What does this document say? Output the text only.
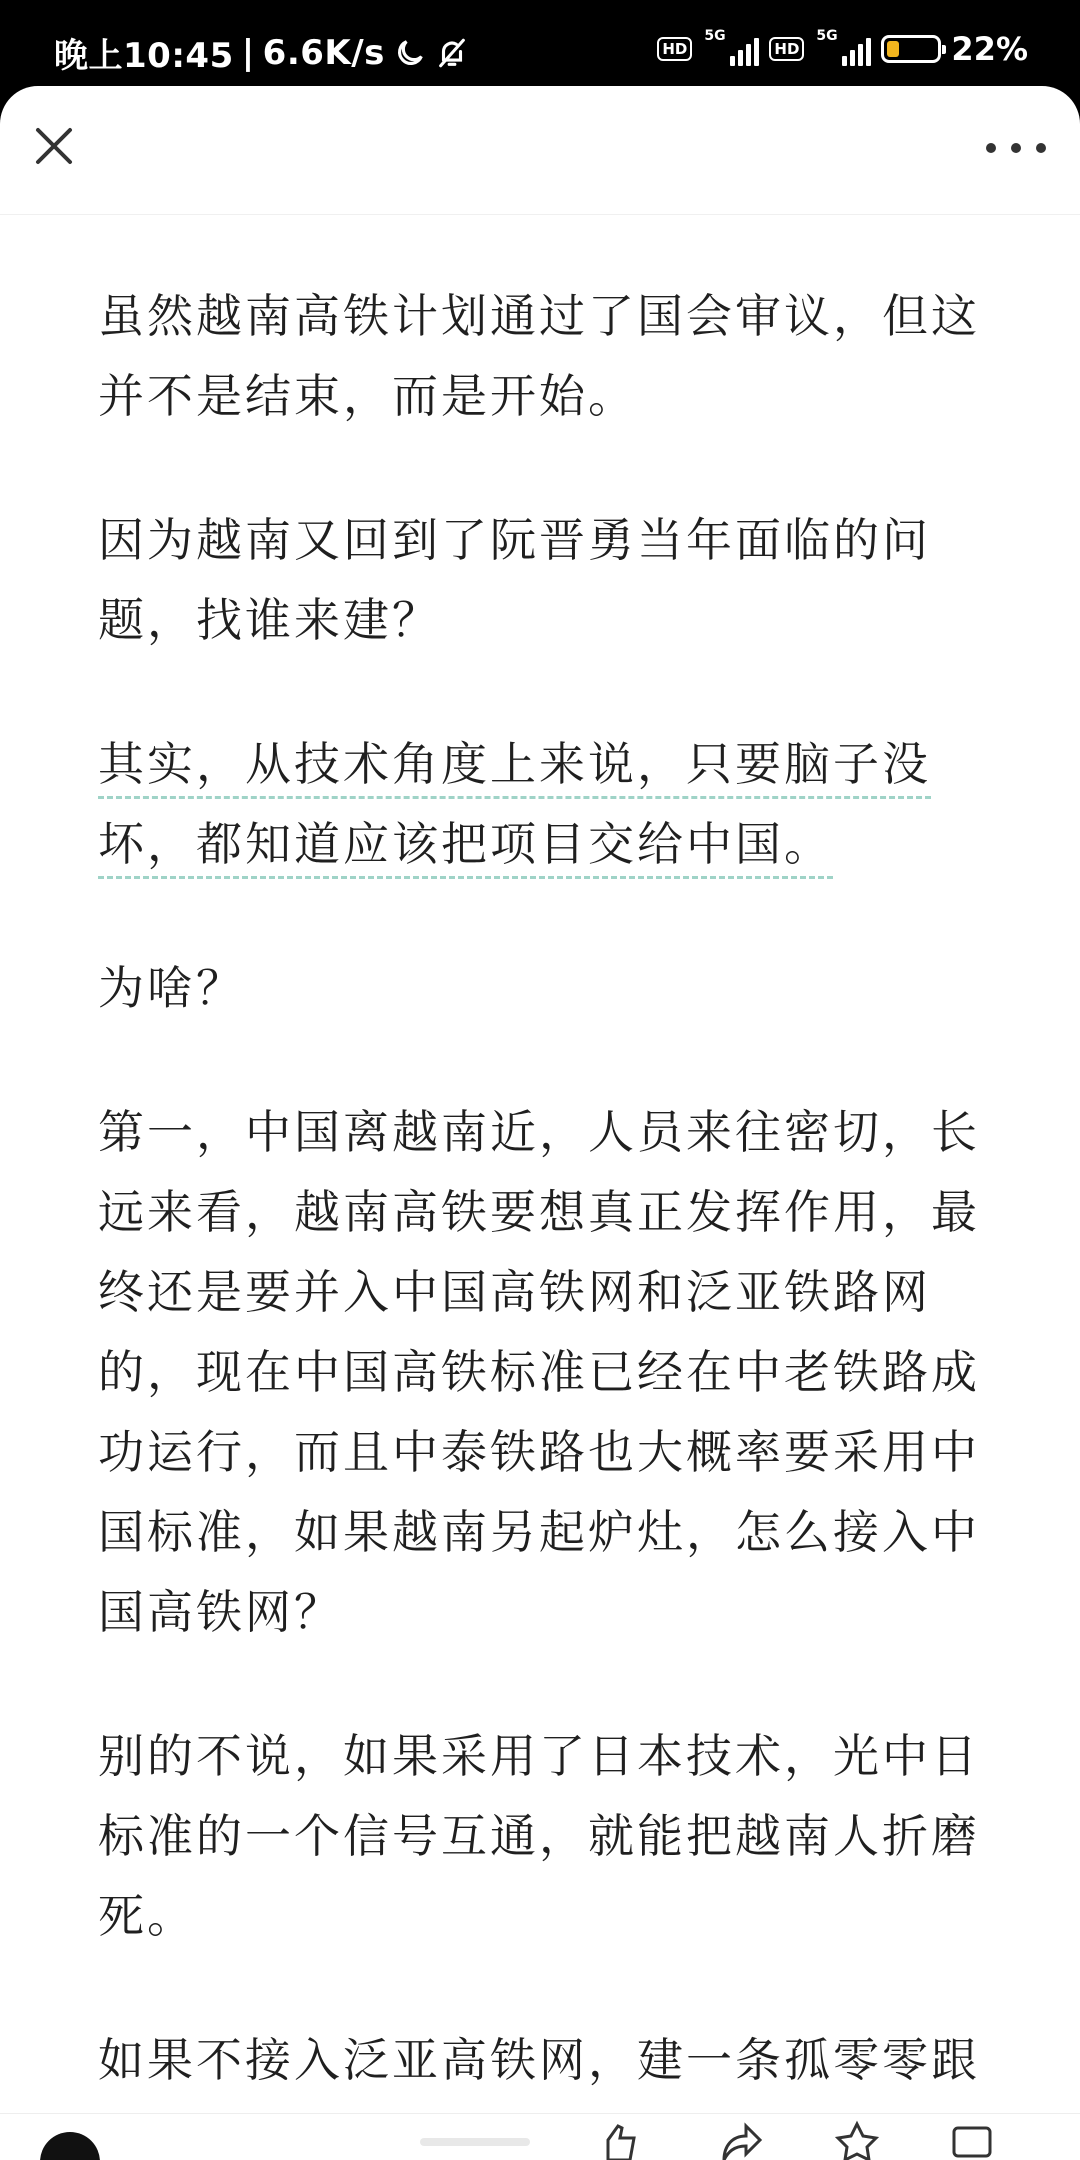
晚上10:45 | 6.6K/s	HD
5G
HD
5G	22%

虽然越南高铁计划通过了国会审议，但这并不是结束，而是开始。

因为越南又回到了阮晋勇当年面临的问题，找谁来建？

其实，从技术角度上来说，只要脑子没坏，都知道应该把项目交给中国。

为啥？

第一，中国离越南近，人员来往密切，长远来看，越南高铁要想真正发挥作用，最终还是要并入中国高铁网和泛亚铁路网的，现在中国高铁标准已经在中老铁路成功运行，而且中泰铁路也大概率要采用中国标准，如果越南另起炉灶，怎么接入中国高铁网？

别的不说，如果采用了日本技术，光中日标准的一个信号互通，就能把越南人折磨死。

如果不接入泛亚高铁网，建一条孤零零跟
